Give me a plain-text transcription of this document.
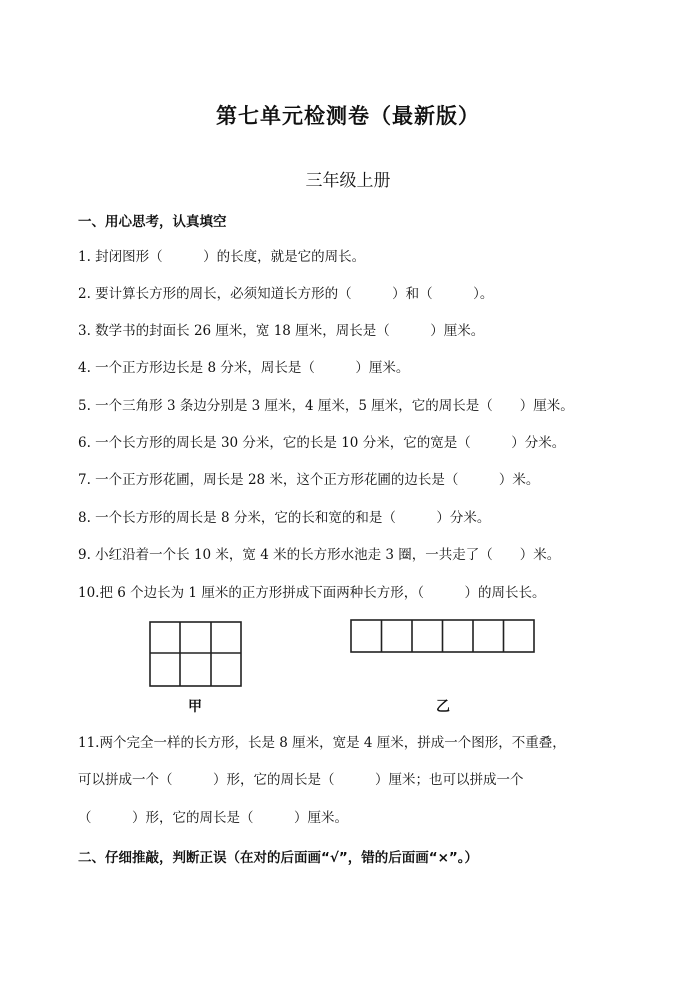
第七单元检测卷（最新版）
三年级上册
一、用心思考，认真填空
1. 封闭图形（　　　）的长度，就是它的周长。
2. 要计算长方形的周长，必须知道长方形的（　　　）和（　　　）。
3. 数学书的封面长 26 厘米，宽 18 厘米，周长是（　　　）厘米。
4. 一个正方形边长是 8 分米，周长是（　　　）厘米。
5. 一个三角形 3 条边分别是 3 厘米，4 厘米，5 厘米，它的周长是（　　）厘米。
6. 一个长方形的周长是 30 分米，它的长是 10 分米，它的宽是（　　　）分米。
7. 一个正方形花圃，周长是 28 米，这个正方形花圃的边长是（　　　）米。
8. 一个长方形的周长是 8 分米，它的长和宽的和是（　　　）分米。
9. 小红沿着一个长 10 米，宽 4 米的长方形水池走 3 圈，一共走了（　　）米。
10.把 6 个边长为 1 厘米的正方形拼成下面两种长方形，（　　　）的周长长。
甲	乙
11.两个完全一样的长方形，长是 8 厘米，宽是 4 厘米，拼成一个图形，不重叠，
可以拼成一个（　　　）形，它的周长是（　　　）厘米；也可以拼成一个
（　　　）形，它的周长是（　　　）厘米。
二、仔细推敲，判断正误（在对的后面画“√”，错的后面画“×”。）
